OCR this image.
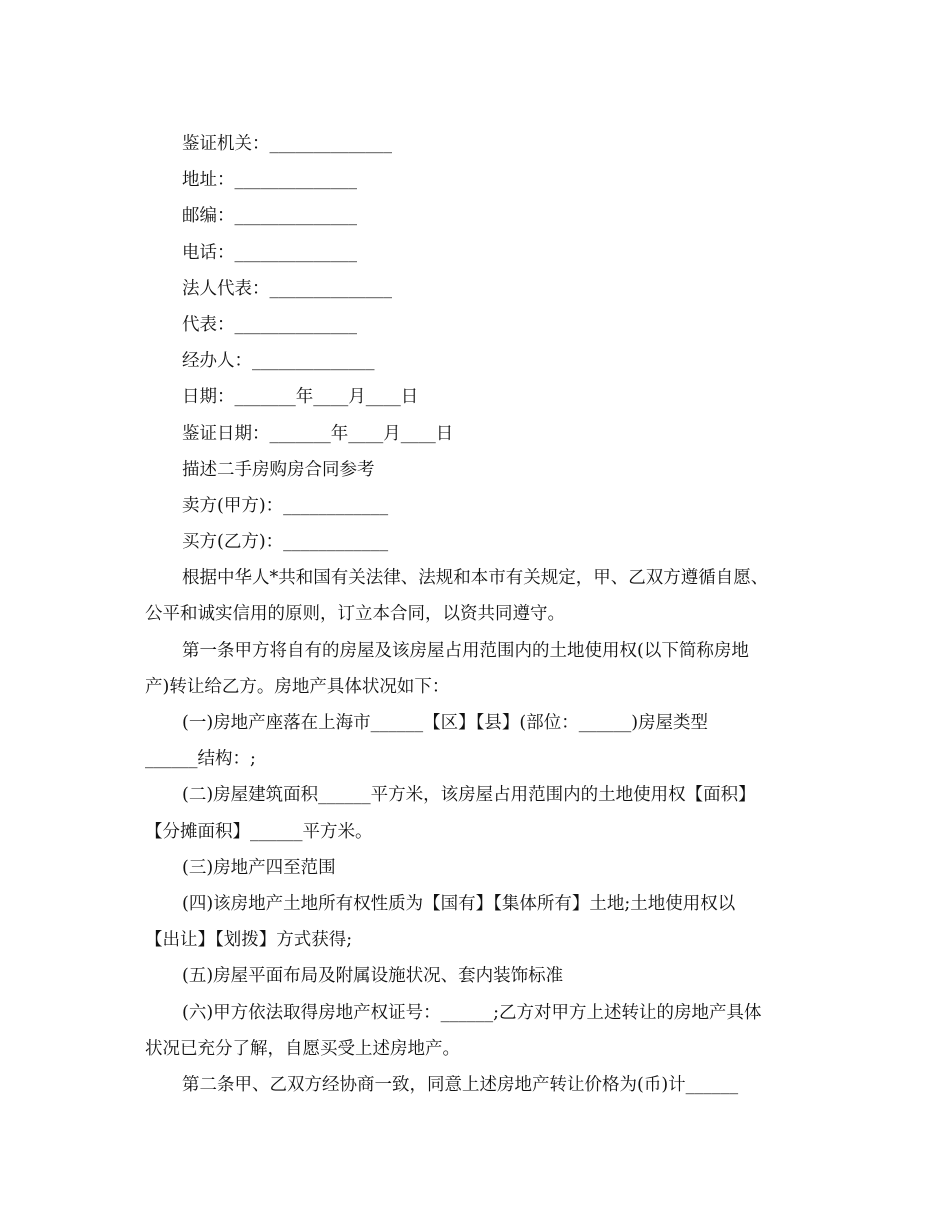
鉴证机关：______________
地址：______________
邮编：______________
电话：______________
法人代表：______________
代表：______________
经办人：______________
日期：_______年____月____日
鉴证日期：_______年____月____日
描述二手房购房合同参考
卖方(甲方)：____________
买方(乙方)：____________
根据中华人*共和国有关法律、法规和本市有关规定，甲、乙双方遵循自愿、
公平和诚实信用的原则，订立本合同，以资共同遵守。
第一条甲方将自有的房屋及该房屋占用范围内的土地使用权(以下简称房地
产)转让给乙方。房地产具体状况如下：
(一)房地产座落在上海市______【区】【县】(部位：______)房屋类型
______结构：;
(二)房屋建筑面积______平方米，该房屋占用范围内的土地使用权【面积】
【分摊面积】______平方米。
(三)房地产四至范围
(四)该房地产土地所有权性质为【国有】【集体所有】土地;土地使用权以
【出让】【划拨】方式获得;
(五)房屋平面布局及附属设施状况、套内装饰标准
(六)甲方依法取得房地产权证号：______;乙方对甲方上述转让的房地产具体
状况已充分了解，自愿买受上述房地产。
第二条甲、乙双方经协商一致，同意上述房地产转让价格为(币)计______
